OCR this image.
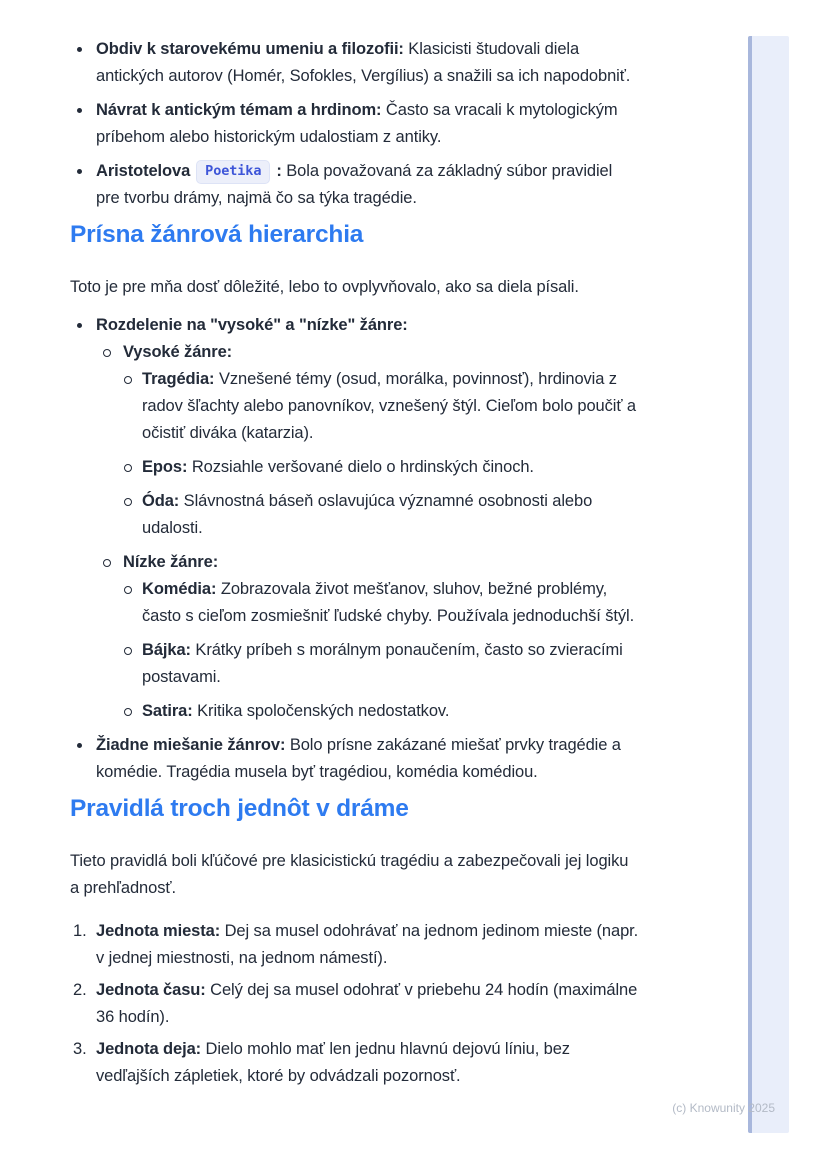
Obdiv k starovekému umeniu a filozofii: Klasicisti študovali diela antických autorov (Homér, Sofokles, Vergílius) a snažili sa ich napodobniť.
Návrat k antickým témam a hrdinom: Často sa vracali k mytologickým príbehom alebo historickým udalostiam z antiky.
Aristotelova Poetika : Bola považovaná za základný súbor pravidiel pre tvorbu drámy, najmä čo sa týka tragédie.
Prísna žánrová hierarchia

Toto je pre mňa dosť dôležité, lebo to ovplyvňovalo, ako sa diela písali.

Rozdelenie na "vysoké" a "nízke" žánre:
Vysoké žánre:
Tragédia: Vznešené témy (osud, morálka, povinnosť), hrdinovia z radov šľachty alebo panovníkov, vznešený štýl. Cieľom bolo poučiť a očistiť diváka (katarzia).
Epos: Rozsiahle veršované dielo o hrdinských činoch.
Óda: Slávnostná báseň oslavujúca významné osobnosti alebo udalosti.
Nízke žánre:
Komédia: Zobrazovala život mešťanov, sluhov, bežné problémy, často s cieľom zosmiešniť ľudské chyby. Používala jednoduchší štýl.
Bájka: Krátky príbeh s morálnym ponaučením, často so zvieracími postavami.
Satira: Kritika spoločenských nedostatkov.
Žiadne miešanie žánrov: Bolo prísne zakázané miešať prvky tragédie a komédie. Tragédia musela byť tragédiou, komédia komédiou.
Pravidlá troch jednôt v dráme

Tieto pravidlá boli kľúčové pre klasicistickú tragédiu a zabezpečovali jej logiku a prehľadnosť.

1. Jednota miesta: Dej sa musel odohrávať na jednom jedinom mieste (napr. v jednej miestnosti, na jednom námestí).
2. Jednota času: Celý dej sa musel odohrať v priebehu 24 hodín (maximálne 36 hodín).
3. Jednota deja: Dielo mohlo mať len jednu hlavnú dejovú líniu, bez vedľajších zápletiek, ktoré by odvádzali pozornosť.
(c) Knowunity 2025
